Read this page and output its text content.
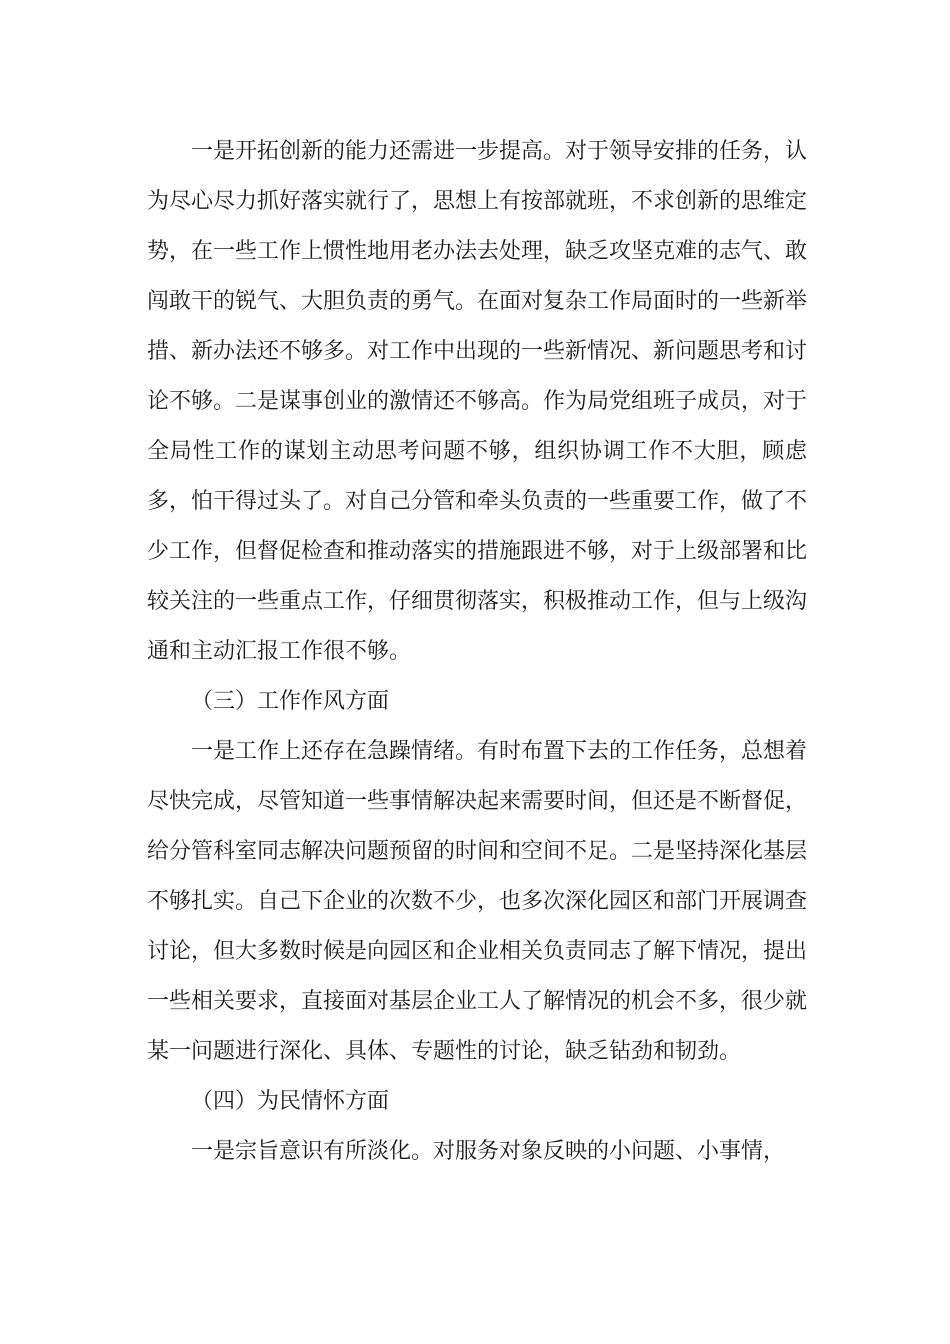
一是开拓创新的能力还需进一步提高。对于领导安排的任务，认为尽心尽力抓好落实就行了，思想上有按部就班，不求创新的思维定势，在一些工作上惯性地用老办法去处理，缺乏攻坚克难的志气、敢闯敢干的锐气、大胆负责的勇气。在面对复杂工作局面时的一些新举措、新办法还不够多。对工作中出现的一些新情况、新问题思考和讨论不够。二是谋事创业的激情还不够高。作为局党组班子成员，对于全局性工作的谋划主动思考问题不够，组织协调工作不大胆，顾虑多，怕干得过头了。对自己分管和牵头负责的一些重要工作，做了不少工作，但督促检查和推动落实的措施跟进不够，对于上级部署和比较关注的一些重点工作，仔细贯彻落实，积极推动工作，但与上级沟通和主动汇报工作很不够。

（三）工作作风方面

一是工作上还存在急躁情绪。有时布置下去的工作任务，总想着尽快完成，尽管知道一些事情解决起来需要时间，但还是不断督促，给分管科室同志解决问题预留的时间和空间不足。二是坚持深化基层不够扎实。自己下企业的次数不少，也多次深化园区和部门开展调查讨论，但大多数时候是向园区和企业相关负责同志了解下情况，提出一些相关要求，直接面对基层企业工人了解情况的机会不多，很少就某一问题进行深化、具体、专题性的讨论，缺乏钻劲和韧劲。

（四）为民情怀方面

一是宗旨意识有所淡化。对服务对象反映的小问题、小事情，
